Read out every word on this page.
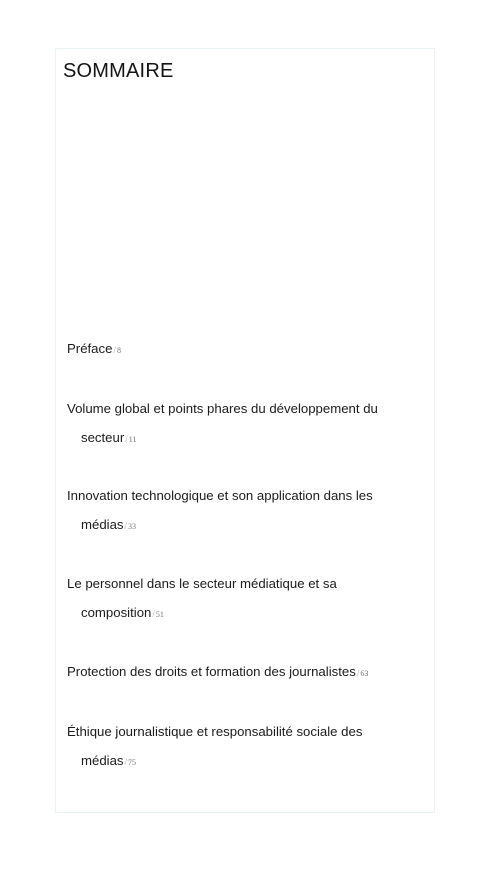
SOMMAIRE
Préface / 8
Volume global et points phares du développement du
secteur / 11
Innovation technologique et son application dans les
médias / 33
Le personnel dans le secteur médiatique et sa
composition / 51
Protection des droits et formation des journalistes / 63
Éthique journalistique et responsabilité sociale des
médias / 75
